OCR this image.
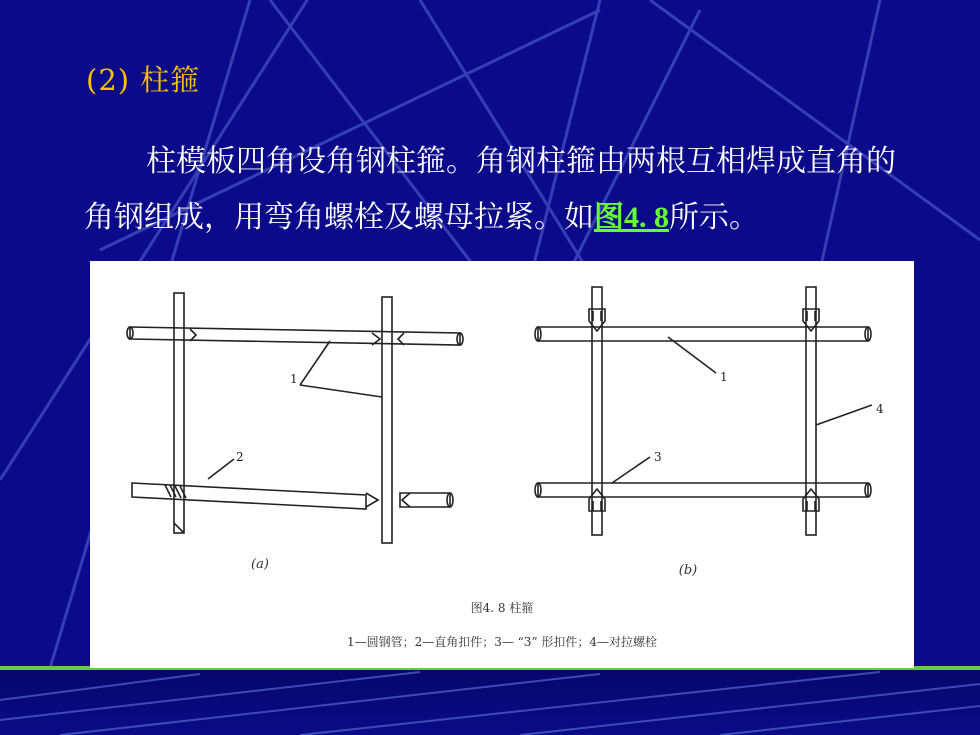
(2) 柱箍
柱模板四角设角钢柱箍。角钢柱箍由两根互相焊成直角的角钢组成，用弯角螺栓及螺母拉紧。如图4. 8所示。
1
2
1
3
4
(a)	(b)
图4. 8 柱箍
1—圆钢管；2—直角扣件；3— “3” 形扣件；4—对拉螺栓
